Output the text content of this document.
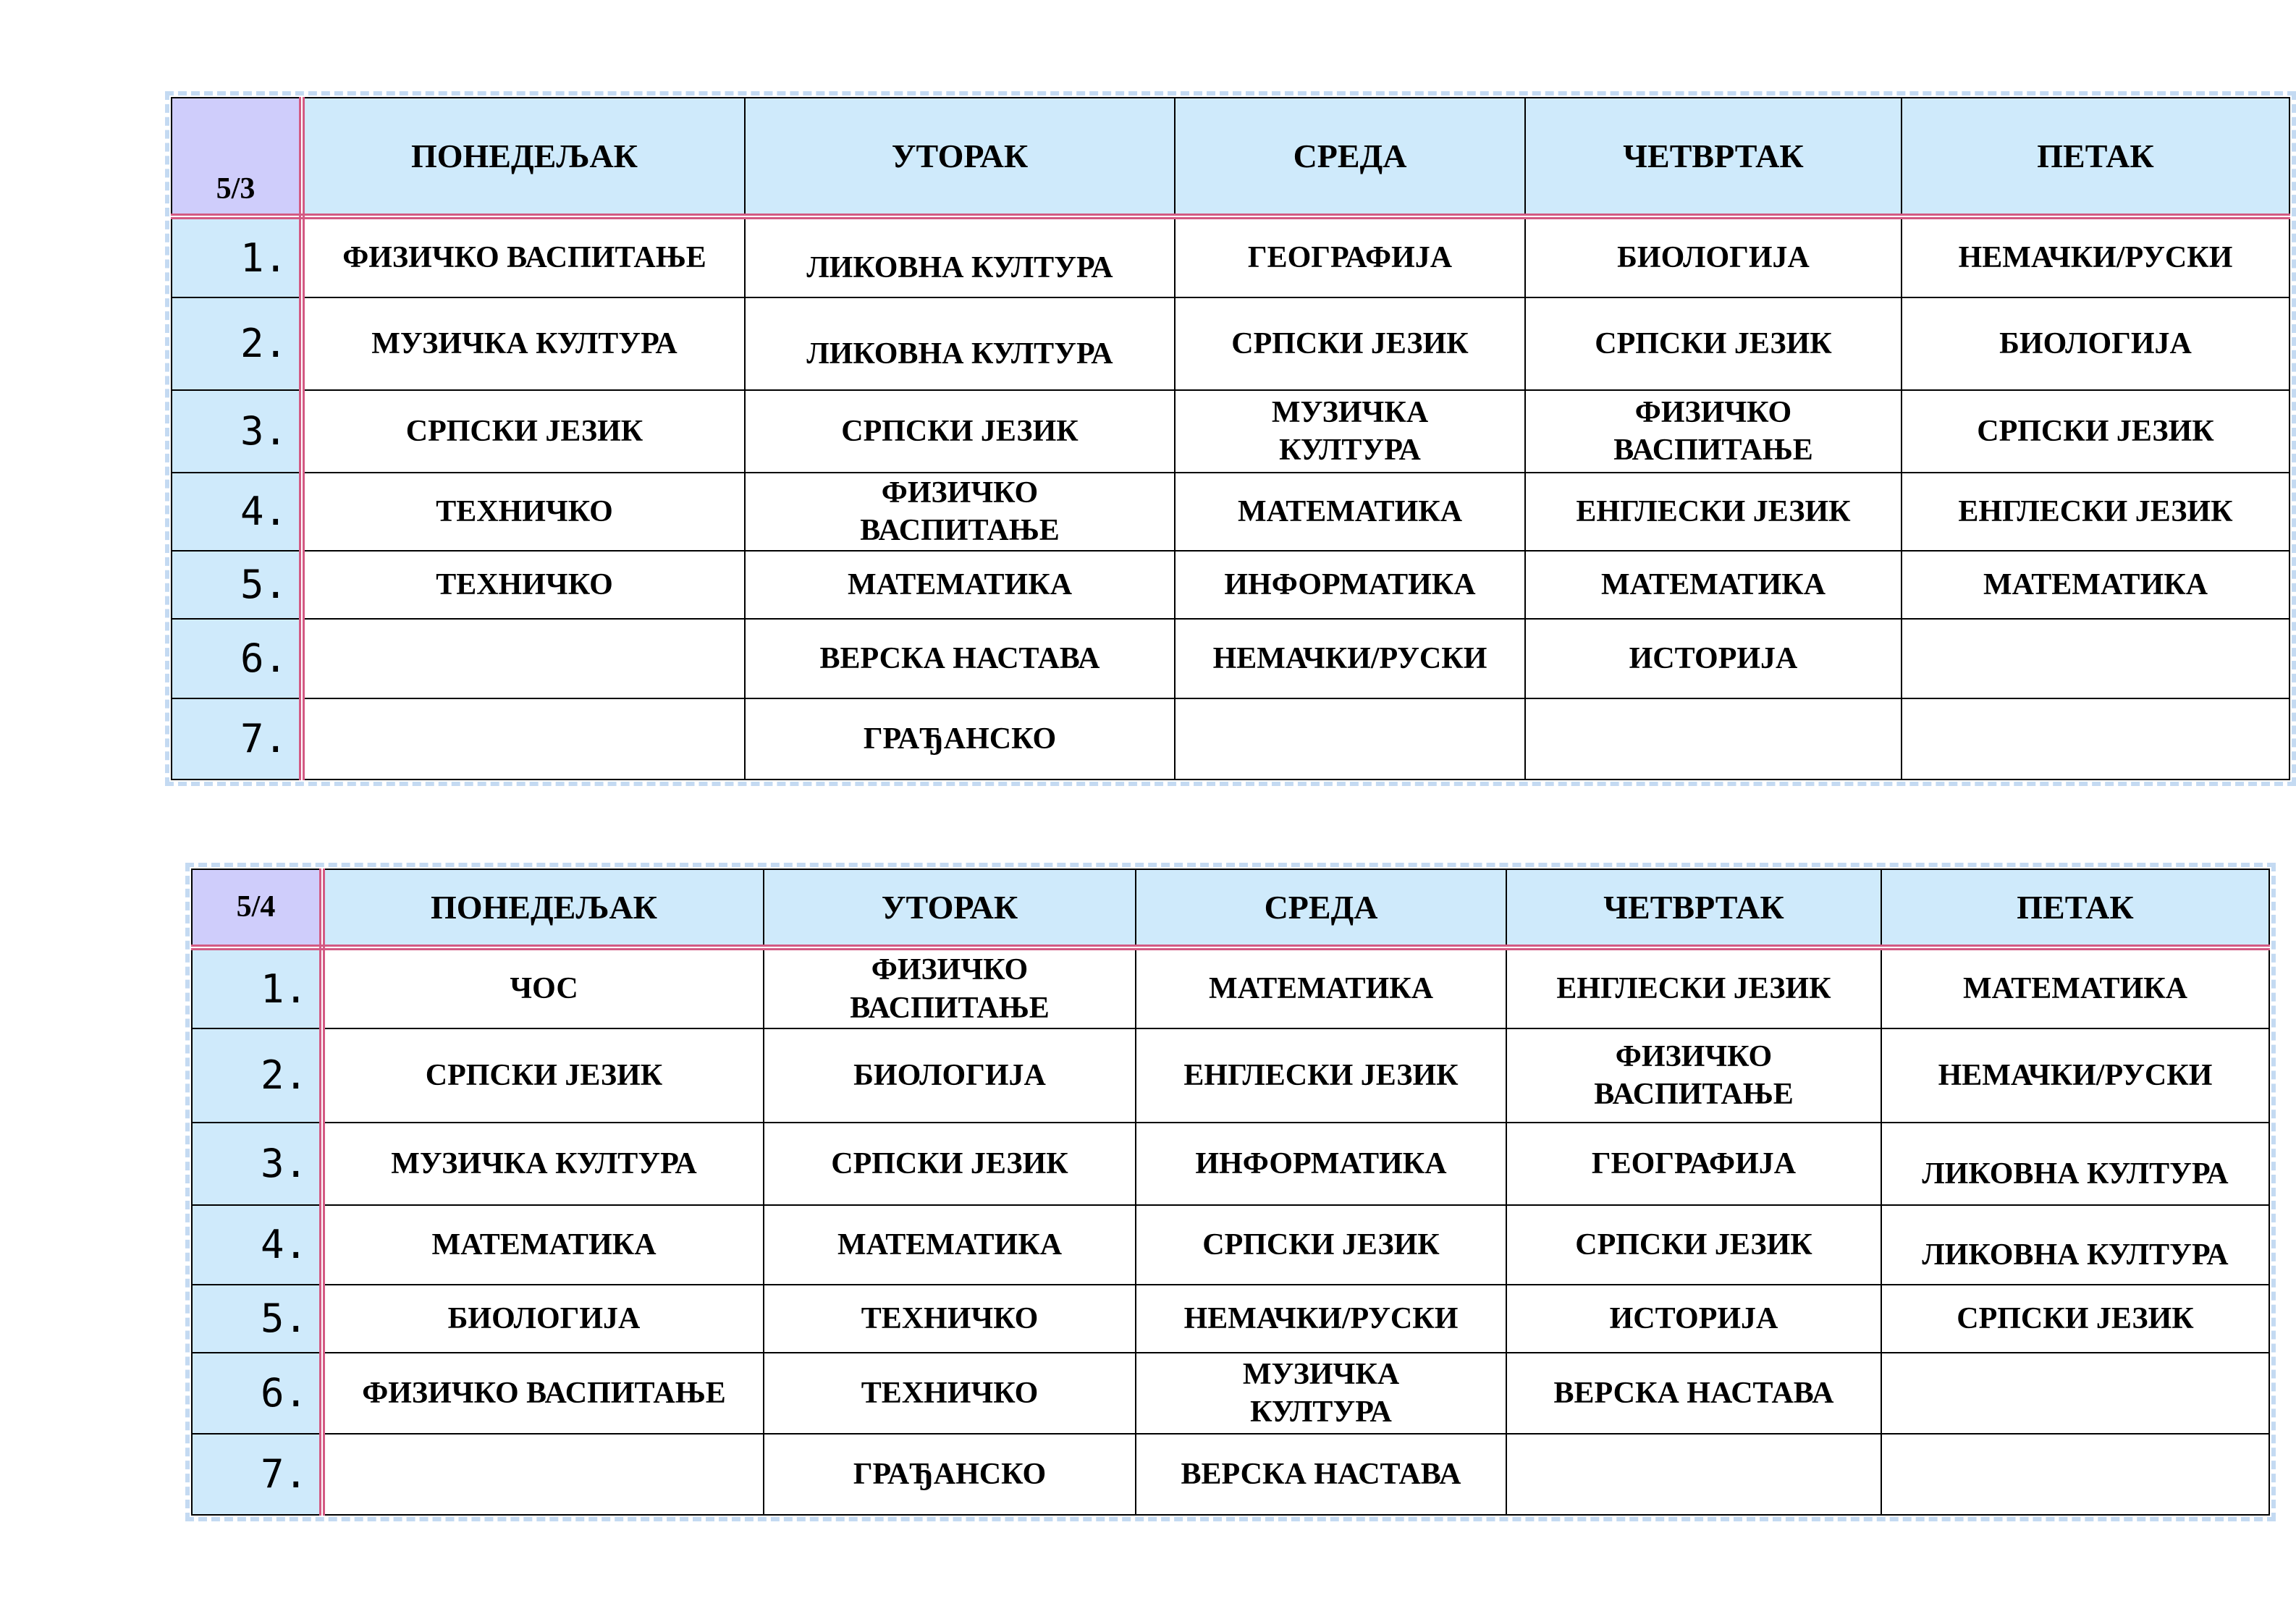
5/3	ПОНЕДЕЉАК	УТОРАК	СРЕДА	ЧЕТВРТАК	ПЕТАК
1.	ФИЗИЧКО ВАСПИТАЊЕ	ЛИКОВНА КУЛТУРА	ГЕОГРАФИЈА	БИОЛОГИЈА	НЕМАЧКИ/РУСКИ
2.	МУЗИЧКА КУЛТУРА	ЛИКОВНА КУЛТУРА	СРПСКИ ЈЕЗИК	СРПСКИ ЈЕЗИК	БИОЛОГИЈА
3.	СРПСКИ ЈЕЗИК	СРПСКИ ЈЕЗИК	МУЗИЧКА КУЛТУРА	ФИЗИЧКО ВАСПИТАЊЕ	СРПСКИ ЈЕЗИК
4.	ТЕХНИЧКО	ФИЗИЧКО ВАСПИТАЊЕ	МАТЕМАТИКА	ЕНГЛЕСКИ ЈЕЗИК	ЕНГЛЕСКИ ЈЕЗИК
5.	ТЕХНИЧКО	МАТЕМАТИКА	ИНФОРМАТИКА	МАТЕМАТИКА	МАТЕМАТИКА
6.		ВЕРСКА НАСТАВА	НЕМАЧКИ/РУСКИ	ИСТОРИЈА	
7.		ГРАЂАНСКО			
5/4	ПОНЕДЕЉАК	УТОРАК	СРЕДА	ЧЕТВРТАК	ПЕТАК
1.	ЧОС	ФИЗИЧКО ВАСПИТАЊЕ	МАТЕМАТИКА	ЕНГЛЕСКИ ЈЕЗИК	МАТЕМАТИКА
2.	СРПСКИ ЈЕЗИК	БИОЛОГИЈА	ЕНГЛЕСКИ ЈЕЗИК	ФИЗИЧКО ВАСПИТАЊЕ	НЕМАЧКИ/РУСКИ
3.	МУЗИЧКА КУЛТУРА	СРПСКИ ЈЕЗИК	ИНФОРМАТИКА	ГЕОГРАФИЈА	ЛИКОВНА КУЛТУРА
4.	МАТЕМАТИКА	МАТЕМАТИКА	СРПСКИ ЈЕЗИК	СРПСКИ ЈЕЗИК	ЛИКОВНА КУЛТУРА
5.	БИОЛОГИЈА	ТЕХНИЧКО	НЕМАЧКИ/РУСКИ	ИСТОРИЈА	СРПСКИ ЈЕЗИК
6.	ФИЗИЧКО ВАСПИТАЊЕ	ТЕХНИЧКО	МУЗИЧКА КУЛТУРА	ВЕРСКА НАСТАВА	
7.		ГРАЂАНСКО	ВЕРСКА НАСТАВА		
